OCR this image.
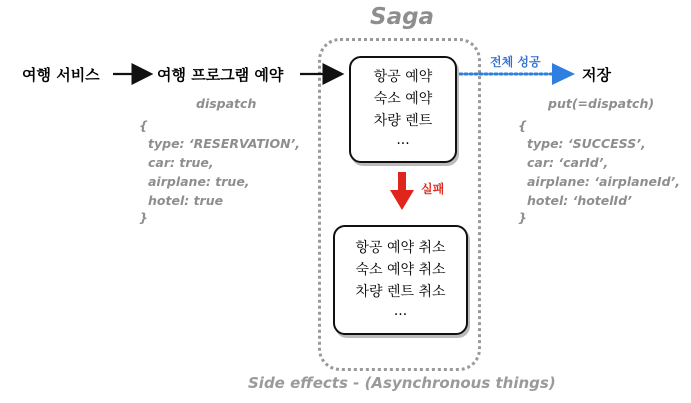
Saga
여행 서비스	여행 프로그램 예약
전체 성공
저장
실패
항공 예약
숙소 예약
차량 렌트
...
항공 예약 취소
숙소 예약 취소
차량 렌트 취소
...
dispatch
{
type: ‘RESERVATION’,
car: true,
airplane: true,
hotel: true
}
put(=dispatch)
{
type: ‘SUCCESS’,
car: ‘carId’,
airplane: ‘airplaneId’,
hotel: ‘hotelId’
}
Side effects - (Asynchronous things)
